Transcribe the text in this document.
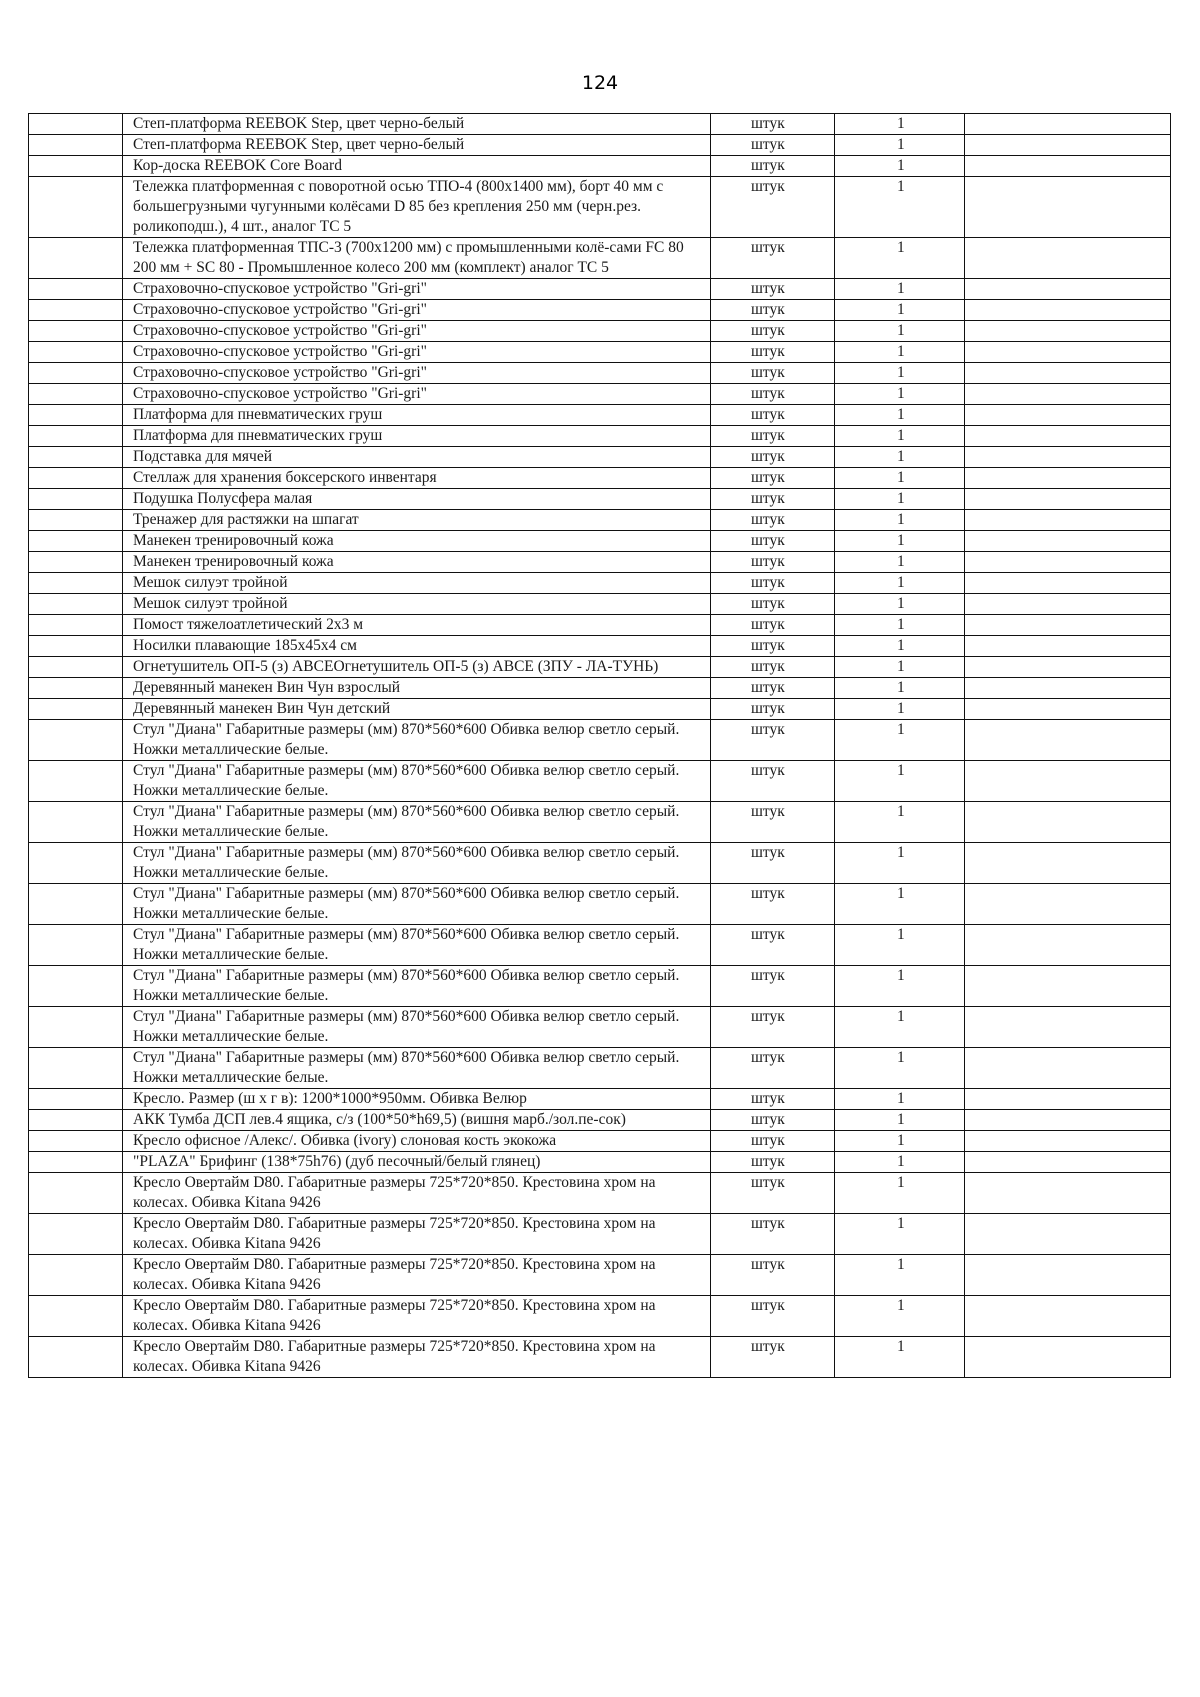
124
	Степ-платформа REEBOK Step, цвет черно-белый	штук	1	
	Степ-платформа REEBOK Step, цвет черно-белый	штук	1	
	Кор-доска REEBOK Core Board	штук	1	
	Тележка платформенная с поворотной осью ТПО-4 (800х1400 мм), борт 40 мм с большегрузными чугунными колёсами D 85 без крепления 250 мм (черн.рез. роликоподш.), 4 шт., аналог ТС 5	штук	1	
	Тележка платформенная ТПС-3 (700х1200 мм) с промышленными колё-сами FC 80 200 мм + SC 80 - Промышленное колесо 200 мм (комплект) аналог ТС 5	штук	1	
	Страховочно-спусковое устройство "Gri-gri"	штук	1	
	Страховочно-спусковое устройство "Gri-gri"	штук	1	
	Страховочно-спусковое устройство "Gri-gri"	штук	1	
	Страховочно-спусковое устройство "Gri-gri"	штук	1	
	Страховочно-спусковое устройство "Gri-gri"	штук	1	
	Страховочно-спусковое устройство "Gri-gri"	штук	1	
	Платформа для пневматических груш	штук	1	
	Платформа для пневматических груш	штук	1	
	Подставка для мячей	штук	1	
	Стеллаж для хранения боксерского инвентаря	штук	1	
	Подушка Полусфера малая	штук	1	
	Тренажер для растяжки на шпагат	штук	1	
	Манекен тренировочный кожа	штук	1	
	Манекен тренировочный кожа	штук	1	
	Мешок силуэт тройной	штук	1	
	Мешок силуэт тройной	штук	1	
	Помост тяжелоатлетический 2х3 м	штук	1	
	Носилки плавающие 185х45х4 см	штук	1	
	Огнетушитель ОП-5 (з) АВСЕОгнетушитель ОП-5 (з) АВСЕ (ЗПУ - ЛА-ТУНЬ)	штук	1	
	Деревянный манекен Вин Чун взрослый	штук	1	
	Деревянный манекен Вин Чун детский	штук	1	
	Стул "Диана" Габаритные размеры (мм) 870*560*600 Обивка велюр светло серый. Ножки металлические белые.	штук	1	
	Стул "Диана" Габаритные размеры (мм) 870*560*600 Обивка велюр светло серый. Ножки металлические белые.	штук	1	
	Стул "Диана" Габаритные размеры (мм) 870*560*600 Обивка велюр светло серый. Ножки металлические белые.	штук	1	
	Стул "Диана" Габаритные размеры (мм) 870*560*600 Обивка велюр светло серый. Ножки металлические белые.	штук	1	
	Стул "Диана" Габаритные размеры (мм) 870*560*600 Обивка велюр светло серый. Ножки металлические белые.	штук	1	
	Стул "Диана" Габаритные размеры (мм) 870*560*600 Обивка велюр светло серый. Ножки металлические белые.	штук	1	
	Стул "Диана" Габаритные размеры (мм) 870*560*600 Обивка велюр светло серый. Ножки металлические белые.	штук	1	
	Стул "Диана" Габаритные размеры (мм) 870*560*600 Обивка велюр светло серый. Ножки металлические белые.	штук	1	
	Стул "Диана" Габаритные размеры (мм) 870*560*600 Обивка велюр светло серый. Ножки металлические белые.	штук	1	
	Кресло. Размер (ш х г в): 1200*1000*950мм. Обивка Велюр	штук	1	
	АКК Тумба ДСП лев.4 ящика, с/з (100*50*h69,5) (вишня марб./зол.пе-сок)	штук	1	
	Кресло офисное /Алекс/. Обивка (ivory) слоновая кость экокожа	штук	1	
	"PLAZA" Брифинг (138*75h76) (дуб песочный/белый глянец)	штук	1	
	Кресло Овертайм D80. Габаритные размеры 725*720*850. Крестовина хром на колесах. Обивка Kitana 9426	штук	1	
	Кресло Овертайм D80. Габаритные размеры 725*720*850. Крестовина хром на колесах. Обивка Kitana 9426	штук	1	
	Кресло Овертайм D80. Габаритные размеры 725*720*850. Крестовина хром на колесах. Обивка Kitana 9426	штук	1	
	Кресло Овертайм D80. Габаритные размеры 725*720*850. Крестовина хром на колесах. Обивка Kitana 9426	штук	1	
	Кресло Овертайм D80. Габаритные размеры 725*720*850. Крестовина хром на колесах. Обивка Kitana 9426	штук	1	
